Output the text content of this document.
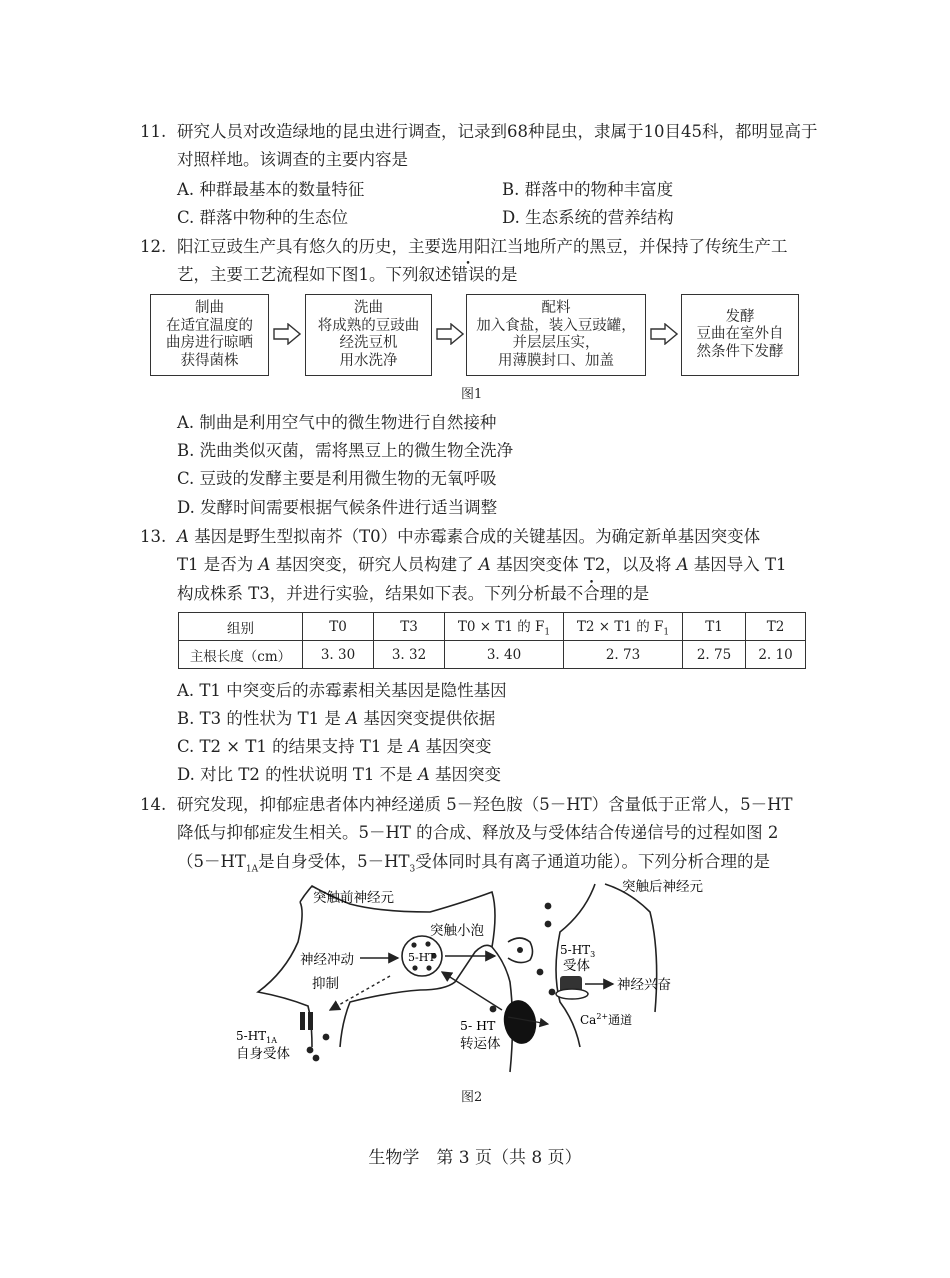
11. 研究人员对改造绿地的昆虫进行调查，记录到68种昆虫，隶属于10目45科，都明显高于对照样地。该调查的主要内容是
A. 种群最基本的数量特征	B. 群落中的物种丰富度
C. 群落中物种的生态位	D. 生态系统的营养结构
12. 阳江豆豉生产具有悠久的历史，主要选用阳江当地所产的黑豆，并保持了传统生产工艺，主要工艺流程如下图1。下列叙述错误的是
制曲
在适宜温度的
曲房进行晾晒
获得菌株
洗曲
将成熟的豆豉曲
经洗豆机
用水洗净
配料
加入食盐，装入豆豉罐，
并层层压实，
用薄膜封口、加盖
发酵
豆曲在室外自
然条件下发酵
图1
A. 制曲是利用空气中的微生物进行自然接种
B. 洗曲类似灭菌，需将黑豆上的微生物全洗净
C. 豆豉的发酵主要是利用微生物的无氧呼吸
D. 发酵时间需要根据气候条件进行适当调整
13. A 基因是野生型拟南芥（T0）中赤霉素合成的关键基因。为确定新单基因突变体
T1 是否为 A 基因突变，研究人员构建了 A 基因突变体 T2，以及将 A 基因导入 T1
构成株系 T3，并进行实验，结果如下表。下列分析最不合理的是
组别	T0	T3	T0 × T1 的 $F_1$	T2 × T1 的 $F_1$	T1	T2
主根长度（cm）	3. 30	3. 32	3. 40	2. 73	2. 75	2. 10
A. T1 中突变后的赤霉素相关基因是隐性基因
B. T3 的性状为 T1 是 A 基因突变提供依据
C. T2 × T1 的结果支持 T1 是 A 基因突变
D. 对比 T2 的性状说明 T1 不是 A 基因突变
14. 研究发现，抑郁症患者体内神经递质 5－羟色胺（5－HT）含量低于正常人，5－HT
降低与抑郁症发生相关。5－HT 的合成、释放及与受体结合传递信号的过程如图 2
（$5-HT_{1A}$是自身受体，$5-HT_3$受体同时具有离子通道功能）。下列分析合理的是
5-HT
突触前神经元
突触后神经元
突触小泡
神经冲动
抑制
$5-HT_3$
受体
神经兴奋
$Ca^{2+}$通道
5- HT
转运体
$5-HT_{1A}$
自身受体
图2
生物学　第 3 页（共 8 页）
